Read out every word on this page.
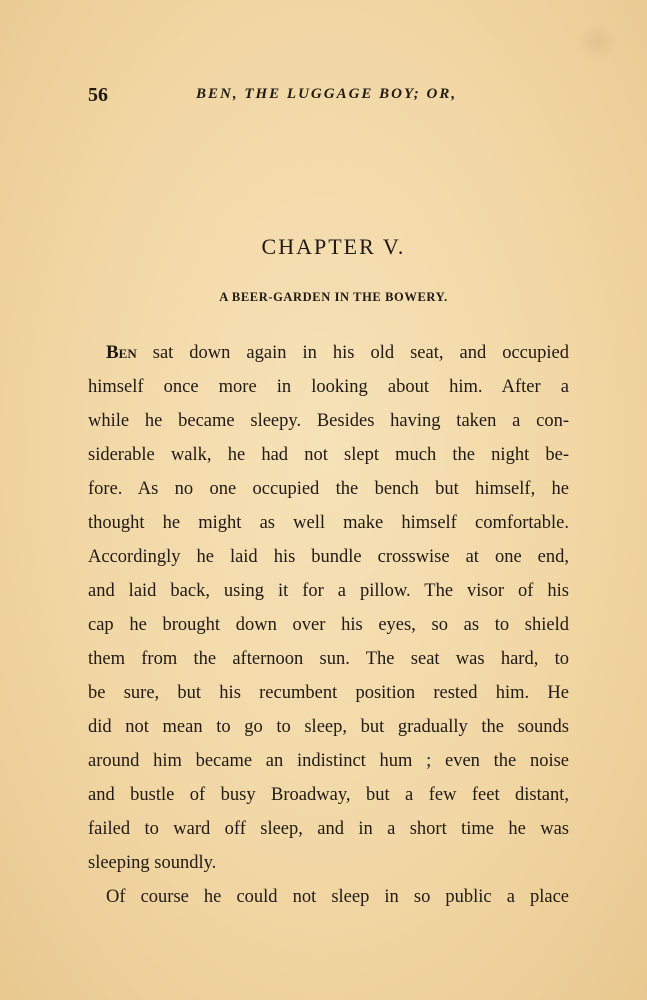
56	BEN, THE LUGGAGE BOY; OR,
CHAPTER V.
A BEER-GARDEN IN THE BOWERY.
Ben sat down again in his old seat, and occupied
himself once more in looking about him. After a
while he became sleepy. Besides having taken a con-
siderable walk, he had not slept much the night be-
fore. As no one occupied the bench but himself, he
thought he might as well make himself comfortable.
Accordingly he laid his bundle crosswise at one end,
and laid back, using it for a pillow. The visor of his
cap he brought down over his eyes, so as to shield
them from the afternoon sun. The seat was hard, to
be sure, but his recumbent position rested him. He
did not mean to go to sleep, but gradually the sounds
around him became an indistinct hum ; even the noise
and bustle of busy Broadway, but a few feet distant,
failed to ward off sleep, and in a short time he was
sleeping soundly.
Of course he could not sleep in so public a place
